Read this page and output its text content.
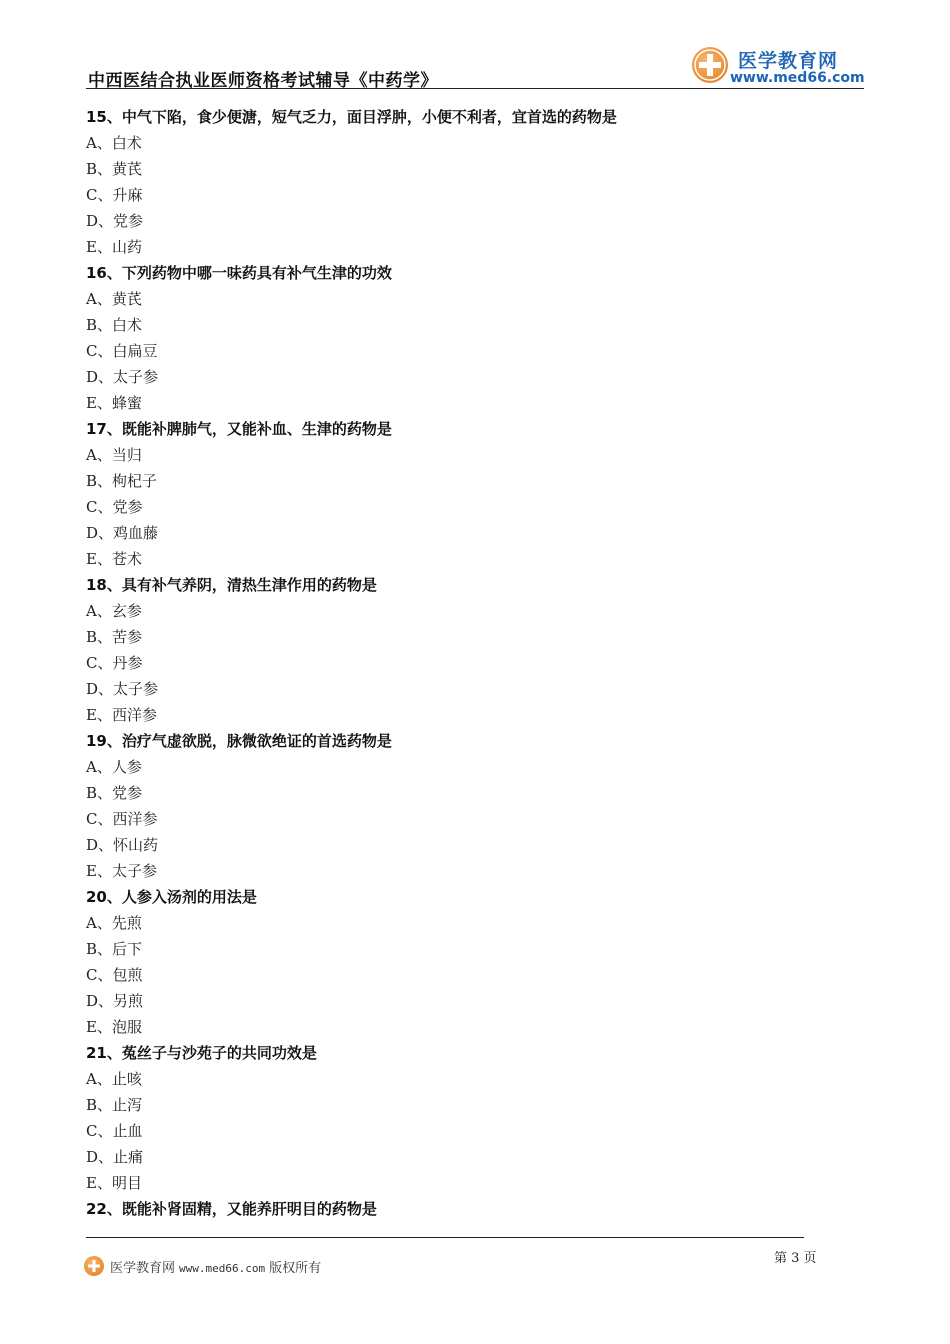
中西医结合执业医师资格考试辅导《中药学》
医学教育网
www.med66.com
15、中气下陷，食少便溏，短气乏力，面目浮肿，小便不利者，宜首选的药物是
A、白术
B、黄芪
C、升麻
D、党参
E、山药
16、下列药物中哪一味药具有补气生津的功效
A、黄芪
B、白术
C、白扁豆
D、太子参
E、蜂蜜
17、既能补脾肺气，又能补血、生津的药物是
A、当归
B、枸杞子
C、党参
D、鸡血藤
E、苍术
18、具有补气养阴，清热生津作用的药物是
A、玄参
B、苦参
C、丹参
D、太子参
E、西洋参
19、治疗气虚欲脱，脉微欲绝证的首选药物是
A、人参
B、党参
C、西洋参
D、怀山药
E、太子参
20、人参入汤剂的用法是
A、先煎
B、后下
C、包煎
D、另煎
E、泡服
21、菟丝子与沙苑子的共同功效是
A、止咳
B、止泻
C、止血
D、止痛
E、明目
22、既能补肾固精，又能养肝明目的药物是
第 3 页
医学教育网 www.med66.com 版权所有
